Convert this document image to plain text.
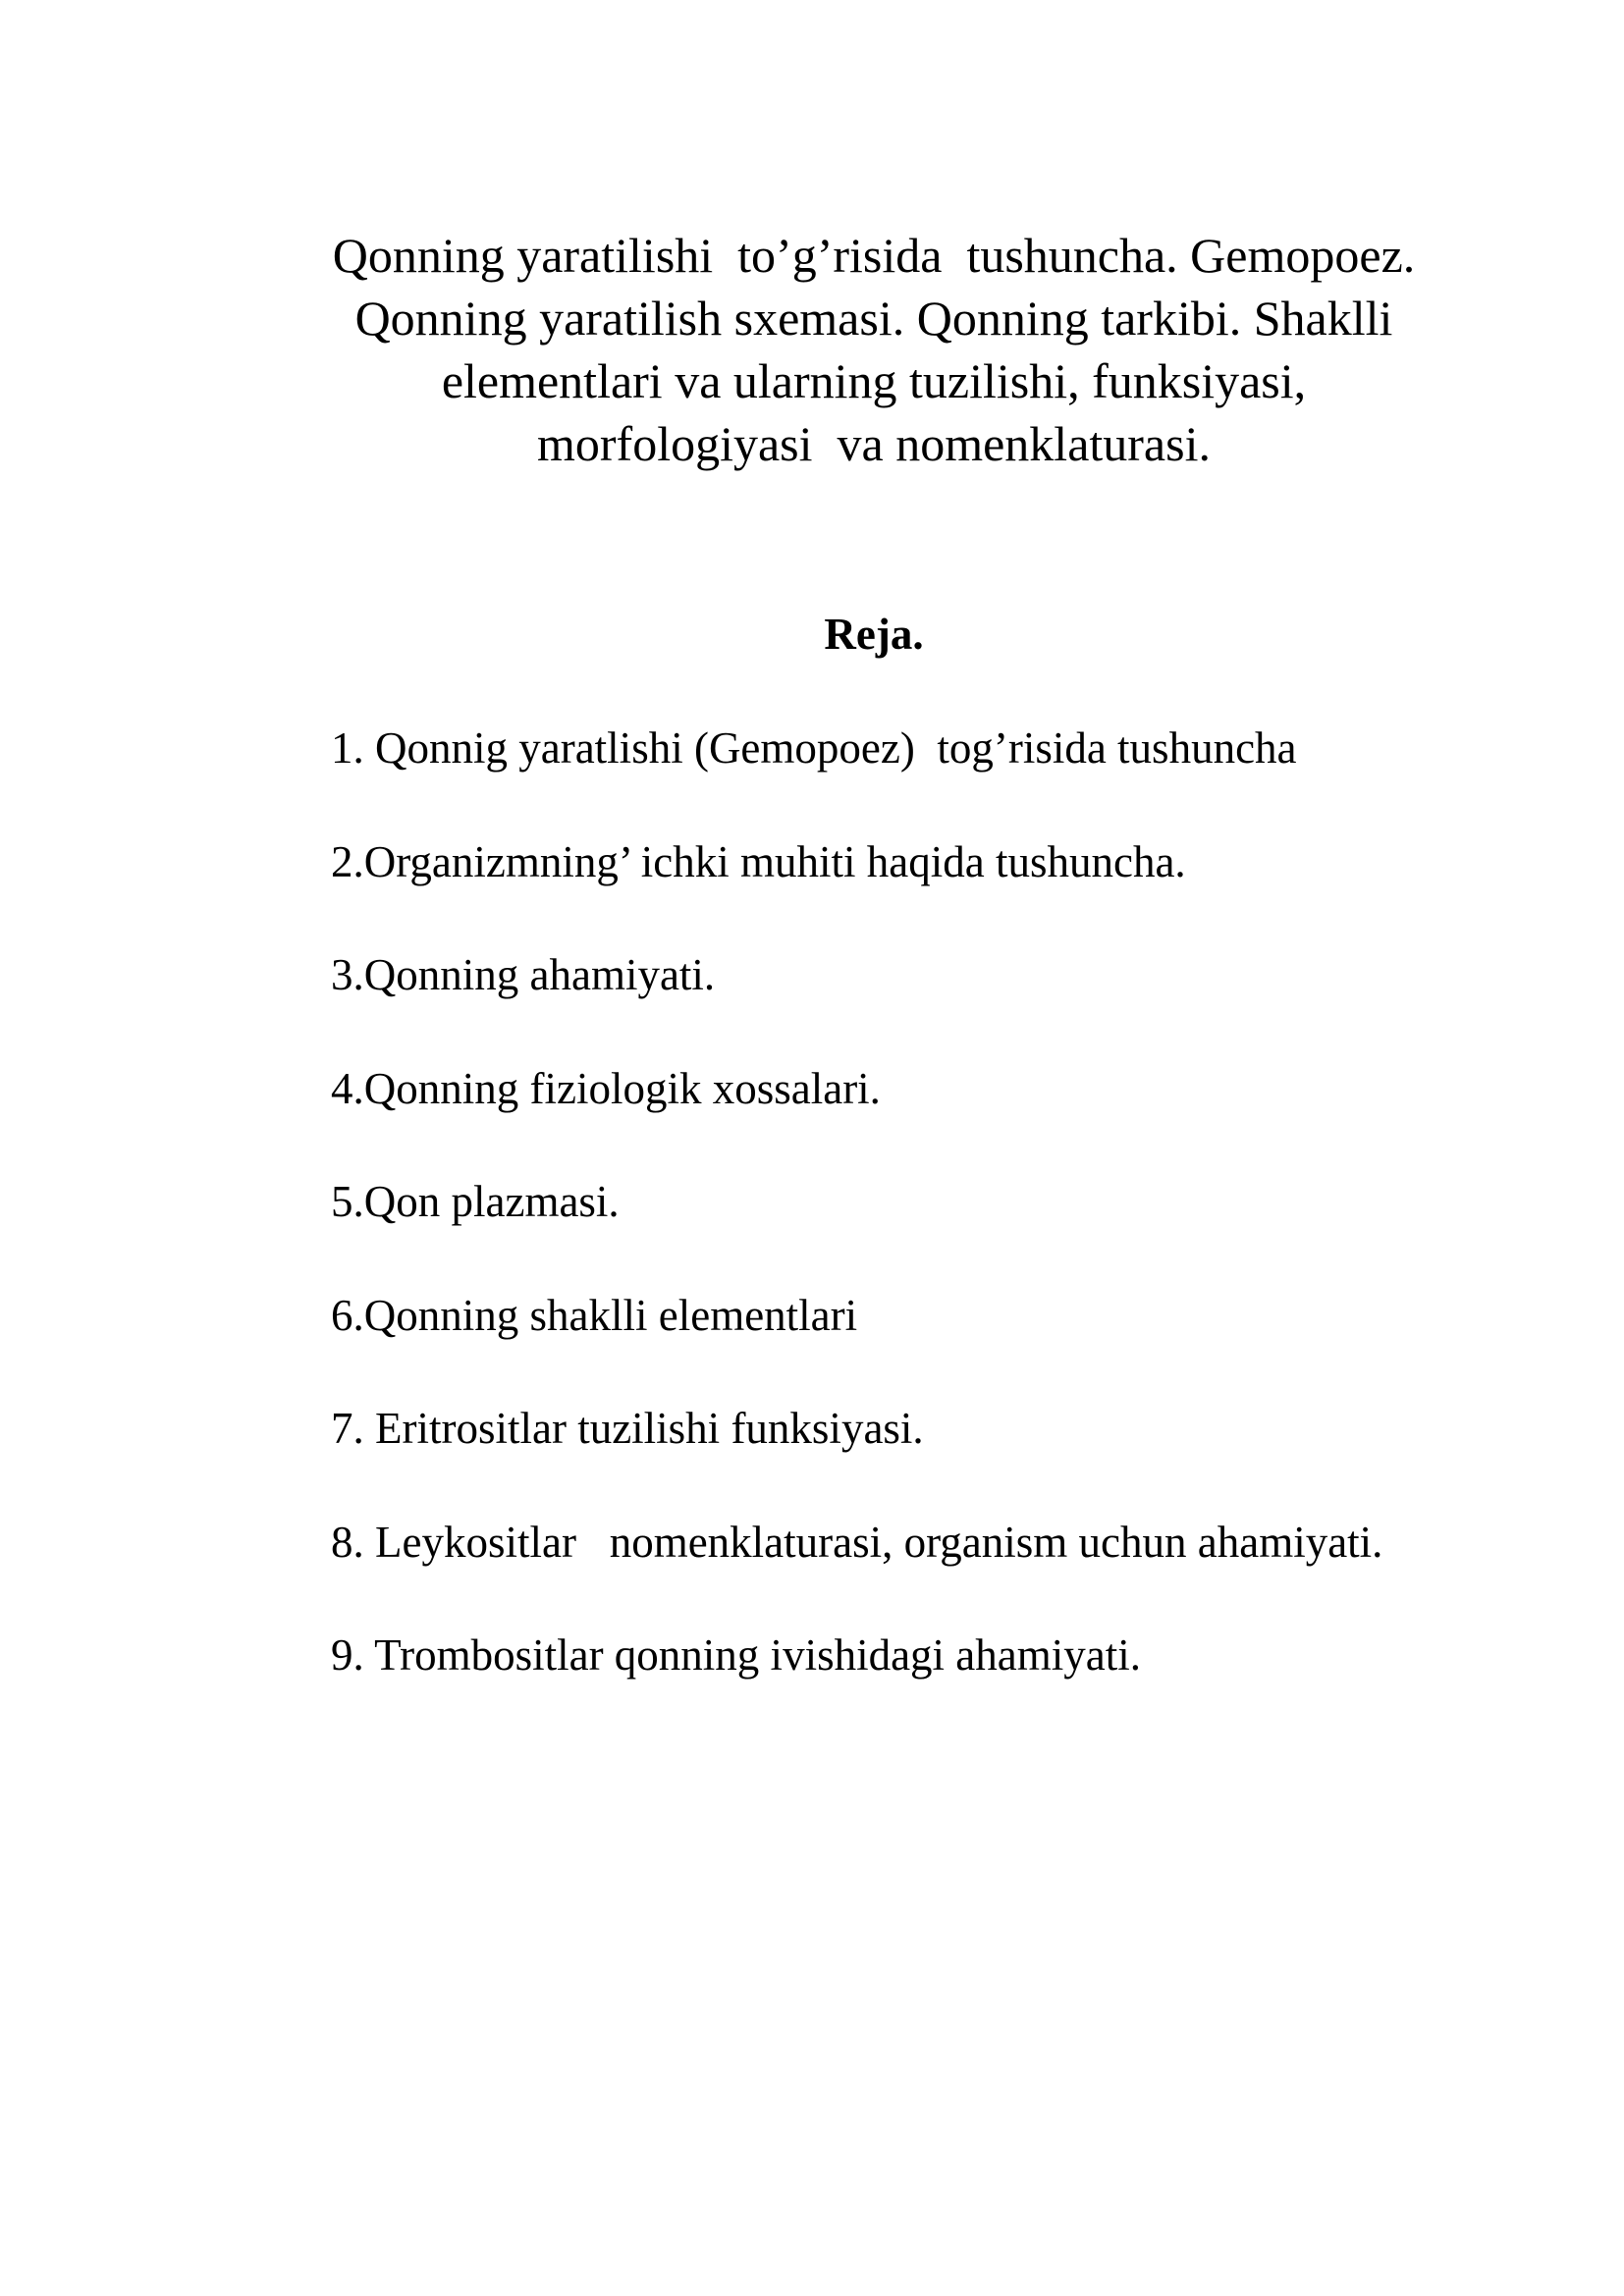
Qonning yaratilishi  to’g’risida  tushuncha. Gemopoez.
Qonning yaratilish sxemasi. Qonning tarkibi. Shaklli
elementlari va ularning tuzilishi, funksiyasi,
morfologiyasi  va nomenklaturasi.
Reja.
1. Qonnig yaratlishi (Gemopoez)  tog’risida tushuncha
2.Organizmning’ ichki muhiti haqida tushuncha.
3.Qonning ahamiyati.
4.Qonning fiziologik xossalari.
5.Qon plazmasi.
6.Qonning shaklli elementlari
7. Eritrositlar tuzilishi funksiyasi.
8. Leykositlar   nomenklaturasi, organism uchun ahamiyati.
9. Trombositlar qonning ivishidagi ahamiyati.
